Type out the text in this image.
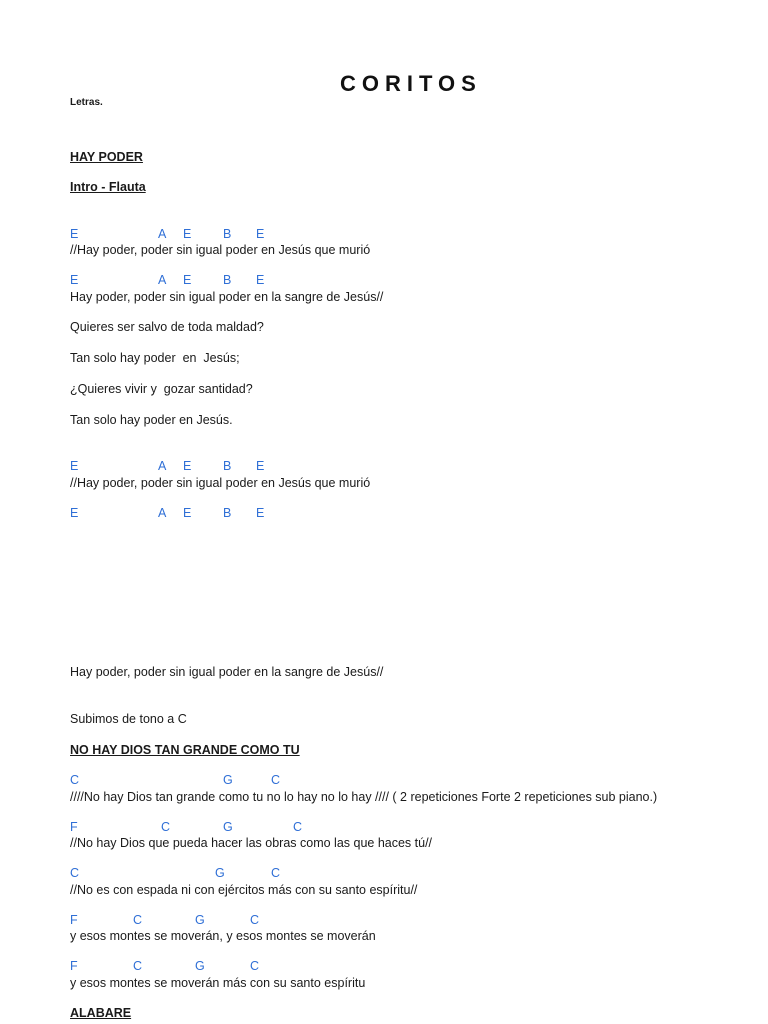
CORITOS
Letras.
HAY PODER
Intro - Flauta
E	A E	B E
//Hay poder, poder sin igual poder en Jesús que murió
E	A E	B E
Hay poder, poder sin igual poder en la sangre de Jesús//
Quieres ser salvo de toda maldad?
Tan solo hay poder  en  Jesús;
¿Quieres vivir y  gozar santidad?
Tan solo hay poder en Jesús.
E	A E	B E
//Hay poder, poder sin igual poder en Jesús que murió
E	A E	B E
Hay poder, poder sin igual poder en la sangre de Jesús//
Subimos de tono a C
NO HAY DIOS TAN GRANDE COMO TU
C	G	C
////No hay Dios tan grande como tu no lo hay no lo hay //// ( 2 repeticiones Forte 2 repeticiones sub piano.)
F	C	G	C
//No hay Dios que pueda hacer las obras como las que haces tú//
C	G	C
//No es con espada ni con ejércitos más con su santo espíritu//
F	C	G	C
y esos montes se moverán, y esos montes se moverán
F	C	G	C
y esos montes se moverán más con su santo espíritu
ALABARE
